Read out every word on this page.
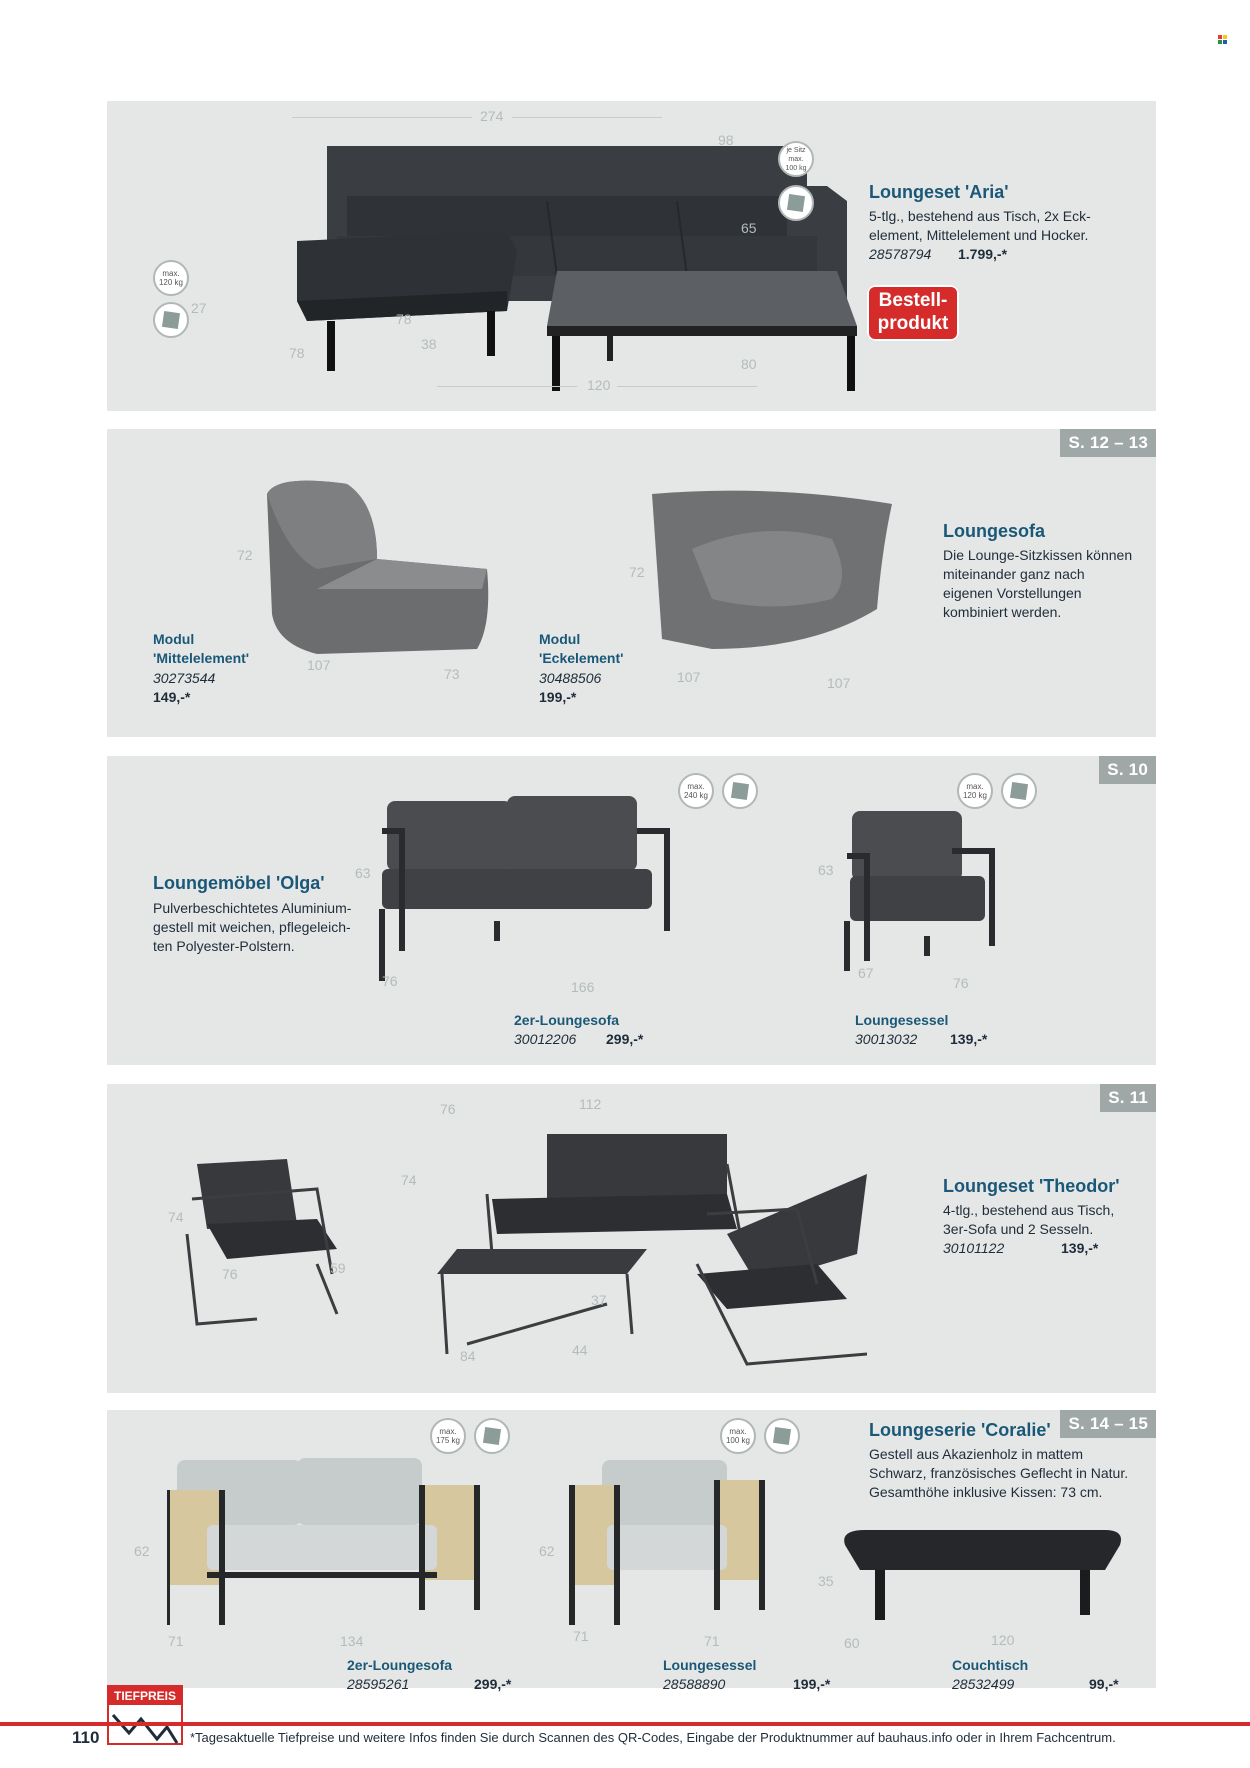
274
98
65
27
78
78
38
120
80
je Sitz
max.
100 kg
max.
120 kg
Loungeset 'Aria'
5-tlg., bestehend aus Tisch, 2x Eck-
element, Mittelelement und Hocker.
28578794 1.799,-*
Bestell-
produkt
S. 12 – 13
72
107
73
72
107	107
Modul
'Mittelelement'
30273544
149,-*
Modul
'Eckelement'
30488506
199,-*
Loungesofa
Die Lounge-Sitzkissen können
miteinander ganz nach
eigenen Vorstellungen
kombiniert werden.
S. 10
63
76	166
63
67
76
max.
240 kg
max.
120 kg
Loungemöbel 'Olga'
Pulverbeschichtetes Aluminium-
gestell mit weichen, pflegeleich-
ten Polyester-Polstern.
2er-Loungesofa
30012206 299,-*
Loungesessel
30013032 139,-*
S. 11
74
76	59
76	112
74
37
84	44
Loungeset 'Theodor'
4-tlg., bestehend aus Tisch,
3er-Sofa und 2 Sesseln.
30101122	139,-*
S. 14 – 15
62
71	134
62
71	71
35
60	120
max.
175 kg
max.
100 kg
Loungeserie 'Coralie'
Gestell aus Akazienholz in mattem
Schwarz, französisches Geflecht in Natur.
Gesamthöhe inklusive Kissen: 73 cm.
2er-Loungesofa
28595261	299,-*
Loungesessel
28588890	199,-*
Couchtisch
28532499	99,-*
TIEFPREIS
110	*Tagesaktuelle Tiefpreise und weitere Infos finden Sie durch Scannen des QR-Codes, Eingabe der Produktnummer auf bauhaus.info oder in Ihrem Fachcentrum.
